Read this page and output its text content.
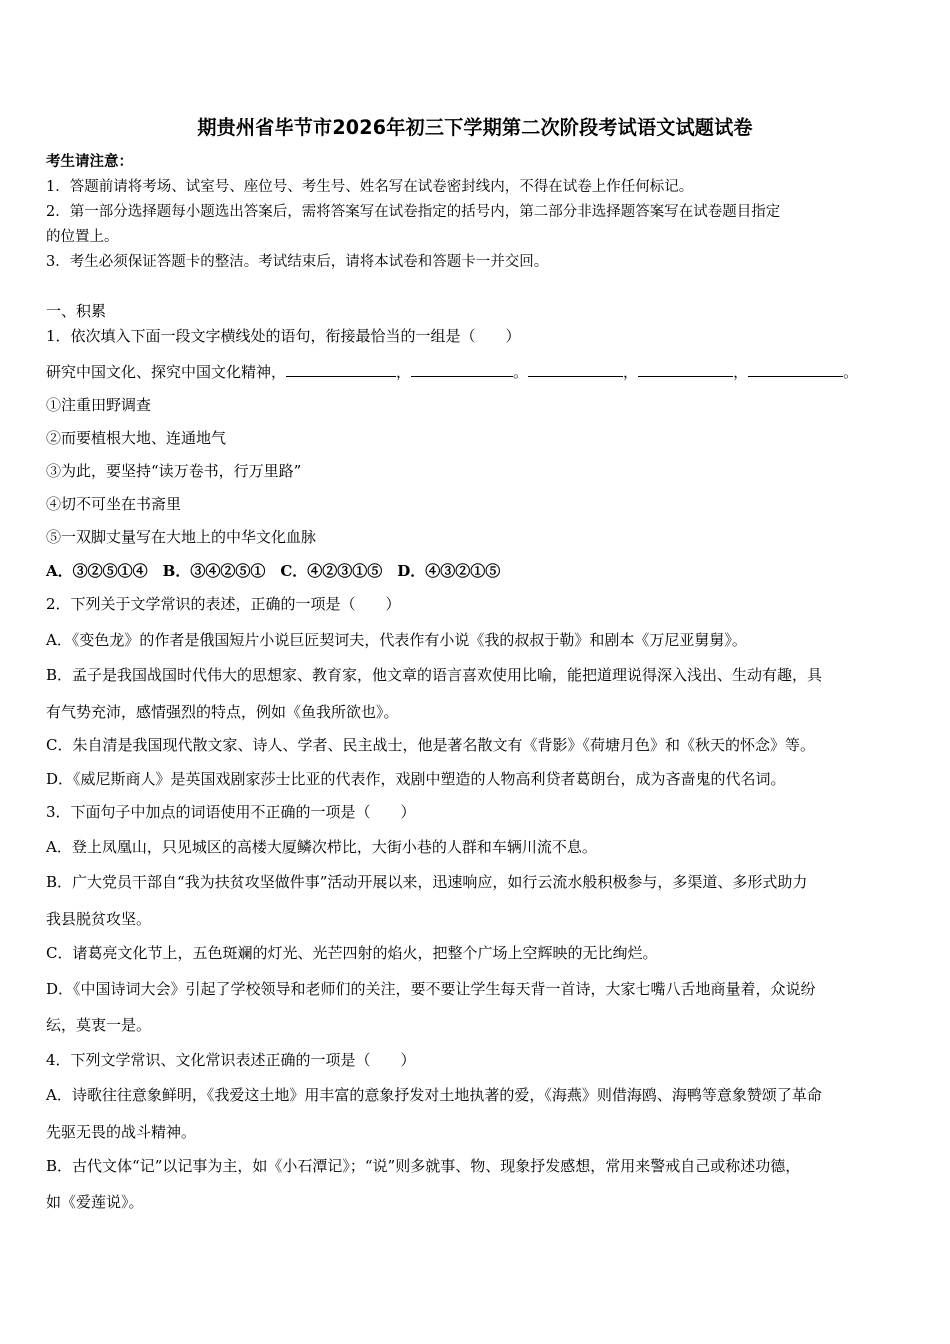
期贵州省毕节市2026年初三下学期第二次阶段考试语文试题试卷
考生请注意：
1．答题前请将考场、试室号、座位号、考生号、姓名写在试卷密封线内，不得在试卷上作任何标记。
2．第一部分选择题每小题选出答案后，需将答案写在试卷指定的括号内，第二部分非选择题答案写在试卷题目指定
的位置上。
3．考生必须保证答题卡的整洁。考试结束后，请将本试卷和答题卡一并交回。
一、积累
1．依次填入下面一段文字横线处的语句，衔接最恰当的一组是（　　）
研究中国文化、探究中国文化精神，	，	。	，	，	。
①注重田野调查
②而要植根大地、连通地气
③为此，要坚持“读万卷书，行万里路”
④切不可坐在书斋里
⑤一双脚丈量写在大地上的中华文化血脉
A．③②⑤①④　B．③④②⑤①　C．④②③①⑤　D．④③②①⑤
2．下列关于文学常识的表述，正确的一项是（　　）
A．《变色龙》的作者是俄国短片小说巨匠契诃夫，代表作有小说《我的叔叔于勒》和剧本《万尼亚舅舅》。
B．孟子是我国战国时代伟大的思想家、教育家，他文章的语言喜欢使用比喻，能把道理说得深入浅出、生动有趣，具
有气势充沛，感情强烈的特点，例如《鱼我所欲也》。
C．朱自清是我国现代散文家、诗人、学者、民主战士，他是著名散文有《背影》《荷塘月色》和《秋天的怀念》等。
D．《威尼斯商人》是英国戏剧家莎士比亚的代表作，戏剧中塑造的人物高利贷者葛朗台，成为吝啬鬼的代名词。
3．下面句子中加点的词语使用不正确的一项是（　　）
A．登上凤凰山，只见城区的高楼大厦鳞次栉比，大街小巷的人群和车辆川流不息。
B．广大党员干部自“我为扶贫攻坚做件事”活动开展以来，迅速响应，如行云流水般积极参与，多渠道、多形式助力
我县脱贫攻坚。
C．诸葛亮文化节上，五色斑斓的灯光、光芒四射的焰火，把整个广场上空辉映的无比绚烂。
D．《中国诗词大会》引起了学校领导和老师们的关注，要不要让学生每天背一首诗，大家七嘴八舌地商量着，众说纷
纭，莫衷一是。
4．下列文学常识、文化常识表述正确的一项是（　　）
A．诗歌往往意象鲜明，《我爱这土地》用丰富的意象抒发对土地执著的爱，《海燕》则借海鸥、海鸭等意象赞颂了革命
先驱无畏的战斗精神。
B．古代文体“记”以记事为主，如《小石潭记》；“说”则多就事、物、现象抒发感想，常用来警戒自己或称述功德，
如《爱莲说》。
